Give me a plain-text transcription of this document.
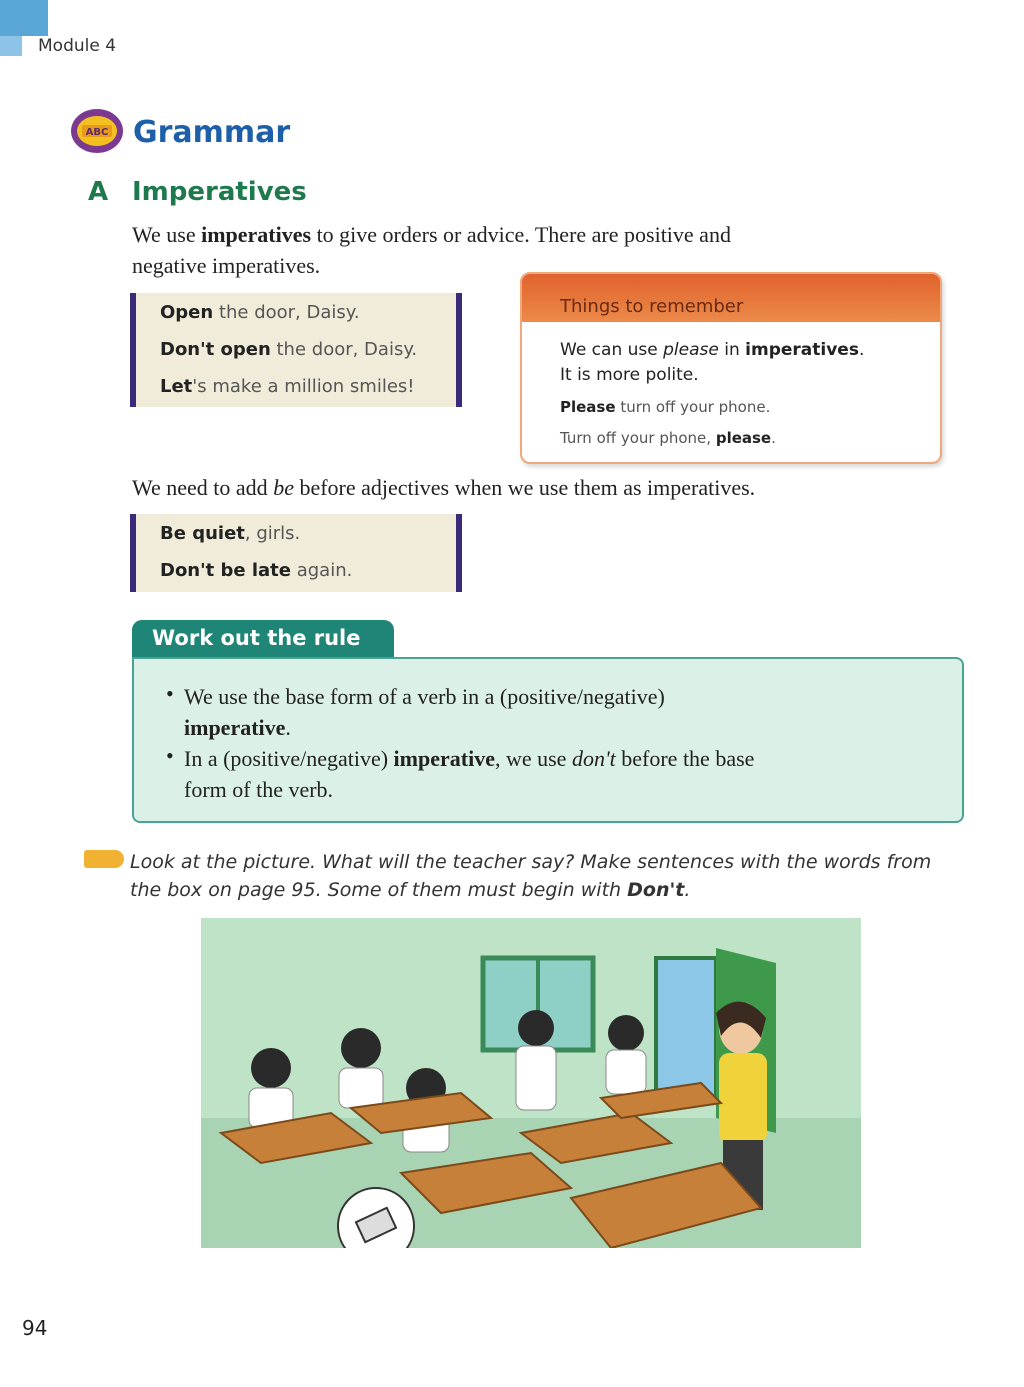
Module 4
ABC Grammar
A Imperatives
We use imperatives to give orders or advice. There are positive and
negative imperatives.

Open the door, Daisy.

Don't open the door, Daisy.

Let's make a million smiles!

Things to remember
We can use please in imperatives.
It is more polite.
Please turn off your phone.
Turn off your phone, please.
We need to add be before adjectives when we use them as imperatives.

Be quiet, girls.

Don't be late again.

Work out the rule
• We use the base form of a verb in a (positive/negative)
imperative.
• In a (positive/negative) imperative, we use don't before the base
form of the verb.
Look at the picture. What will the teacher say? Make sentences with the words from
the box on page 95. Some of them must begin with Don't.
94
